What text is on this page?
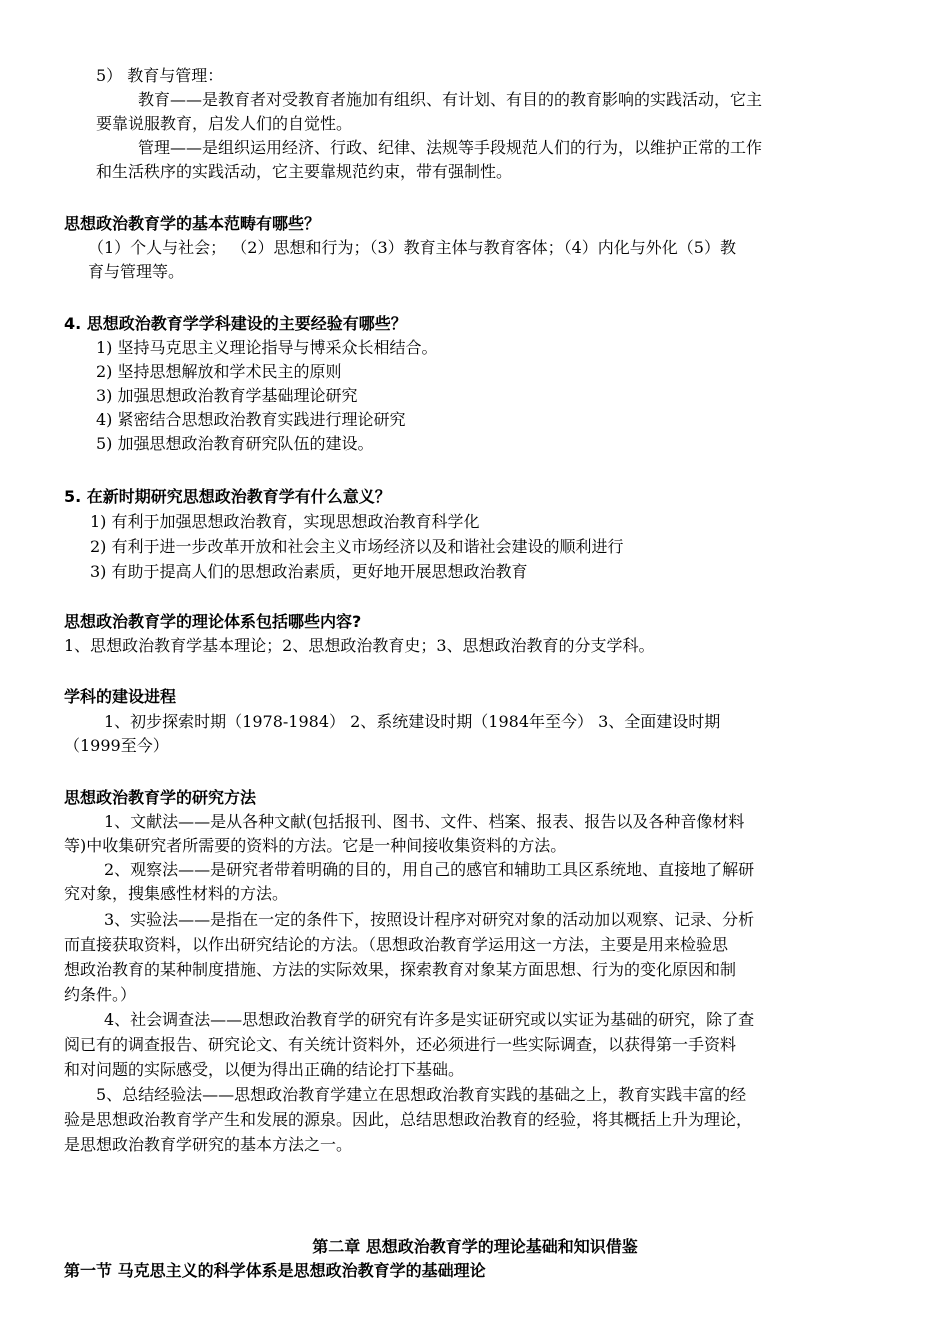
5） 教育与管理：
教育——是教育者对受教育者施加有组织、有计划、有目的的教育影响的实践活动，它主
要靠说服教育，启发人们的自觉性。
管理——是组织运用经济、行政、纪律、法规等手段规范人们的行为，以维护正常的工作
和生活秩序的实践活动，它主要靠规范约束，带有强制性。
思想政治教育学的基本范畴有哪些？
（1）个人与社会； （2）思想和行为；（3）教育主体与教育客体；（4）内化与外化（5）教
育与管理等。
4. 思想政治教育学学科建设的主要经验有哪些？
1) 坚持马克思主义理论指导与博采众长相结合。
2) 坚持思想解放和学术民主的原则
3) 加强思想政治教育学基础理论研究
4) 紧密结合思想政治教育实践进行理论研究
5) 加强思想政治教育研究队伍的建设。
5. 在新时期研究思想政治教育学有什么意义？
1) 有利于加强思想政治教育，实现思想政治教育科学化
2) 有利于进一步改革开放和社会主义市场经济以及和谐社会建设的顺利进行
3) 有助于提高人们的思想政治素质，更好地开展思想政治教育
思想政治教育学的理论体系包括哪些内容?
1、思想政治教育学基本理论；2、思想政治教育史；3、思想政治教育的分支学科。
学科的建设进程
1、初步探索时期（1978-1984） 2、系统建设时期（1984年至今） 3、全面建设时期
（1999至今）
思想政治教育学的研究方法
1、文献法——是从各种文献(包括报刊、图书、文件、档案、报表、报告以及各种音像材料
等)中收集研究者所需要的资料的方法。它是一种间接收集资料的方法。
2、观察法——是研究者带着明确的目的，用自己的感官和辅助工具区系统地、直接地了解研
究对象，搜集感性材料的方法。
3、实验法——是指在一定的条件下，按照设计程序对研究对象的活动加以观察、记录、分析
而直接获取资料，以作出研究结论的方法。（思想政治教育学运用这一方法，主要是用来检验思
想政治教育的某种制度措施、方法的实际效果，探索教育对象某方面思想、行为的变化原因和制
约条件。）
4、社会调查法——思想政治教育学的研究有许多是实证研究或以实证为基础的研究，除了查
阅已有的调查报告、研究论文、有关统计资料外，还必须进行一些实际调查，以获得第一手资料
和对问题的实际感受，以便为得出正确的结论打下基础。
5、总结经验法——思想政治教育学建立在思想政治教育实践的基础之上，教育实践丰富的经
验是思想政治教育学产生和发展的源泉。因此，总结思想政治教育的经验，将其概括上升为理论，
是思想政治教育学研究的基本方法之一。
第二章 思想政治教育学的理论基础和知识借鉴
第一节 马克思主义的科学体系是思想政治教育学的基础理论
